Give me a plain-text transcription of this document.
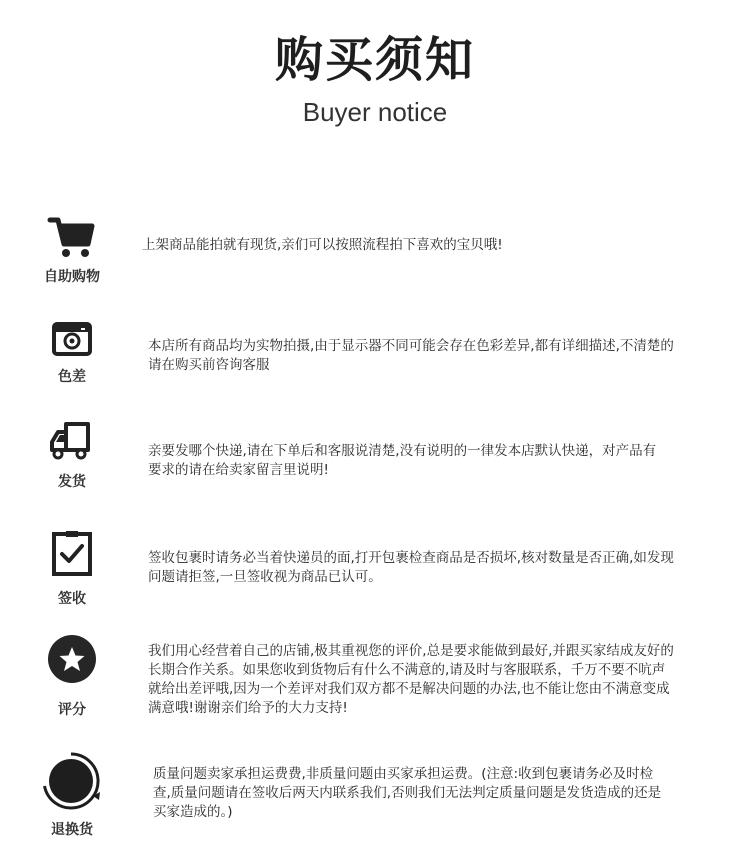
购买须知
Buyer notice
自助购物
上架商品能拍就有现货,亲们可以按照流程拍下喜欢的宝贝哦!
色差
本店所有商品均为实物拍摄,由于显示器不同可能会存在色彩差异,都有详细描述,不清楚的
请在购买前咨询客服
发货
亲要发哪个快递,请在下单后和客服说清楚,没有说明的一律发本店默认快递，对产品有
要求的请在给卖家留言里说明!
签收
签收包裹时请务必当着快递员的面,打开包裹检查商品是否损坏,核对数量是否正确,如发现
问题请拒签,一旦签收视为商品已认可。
评分
我们用心经营着自己的店铺,极其重视您的评价,总是要求能做到最好,并跟买家结成友好的
长期合作关系。如果您收到货物后有什么不满意的,请及时与客服联系，千万不要不吭声
就给出差评哦,因为一个差评对我们双方都不是解决问题的办法,也不能让您由不满意变成
满意哦!谢谢亲们给予的大力支持!
退换货
质量问题卖家承担运费费,非质量问题由买家承担运费。(注意:收到包裹请务必及时检
查,质量问题请在签收后两天内联系我们,否则我们无法判定质量问题是发货造成的还是
买家造成的。)
